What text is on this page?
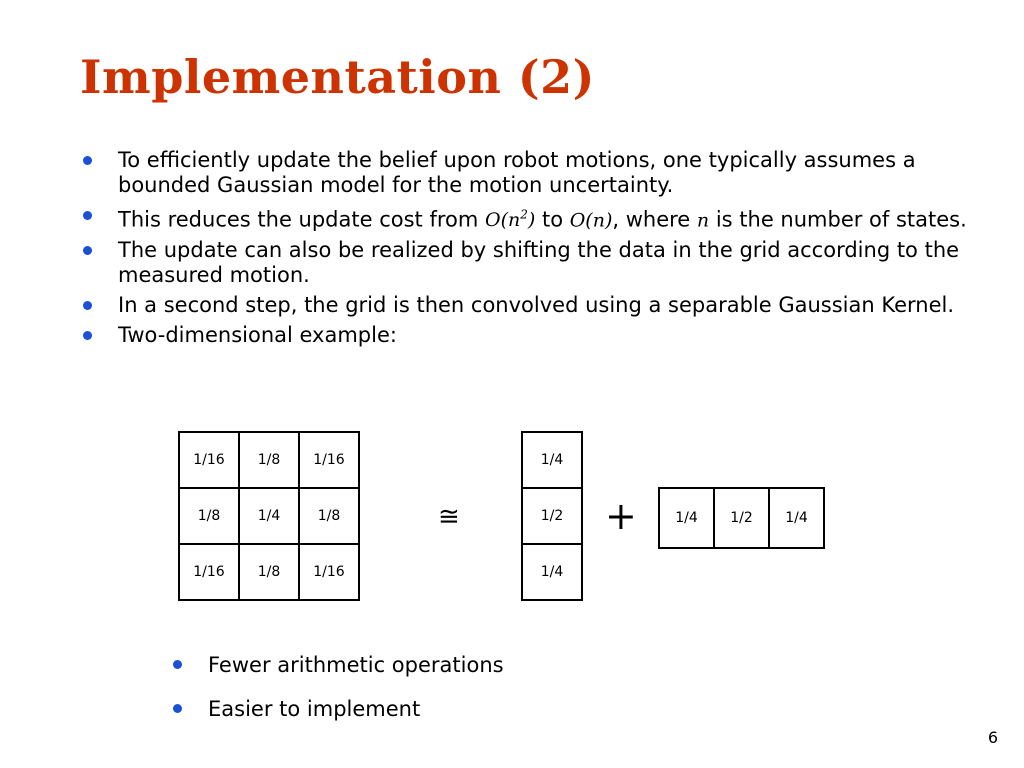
Implementation (2)
To efficiently update the belief upon robot motions, one typically assumes a bounded Gaussian model for the motion uncertainty.
This reduces the update cost from $O(n^2)$ to O(n), where n is the number of states.
The update can also be realized by shifting the data in the grid according to the measured motion.
In a second step, the grid is then convolved using a separable Gaussian Kernel.
Two-dimensional example:
1/16	1/8	1/16
1/8	1/4	1/8
1/16	1/8	1/16
≅
1/4
1/2
1/4
+	1/4	1/2	1/4
Fewer arithmetic operations
Easier to implement
6
